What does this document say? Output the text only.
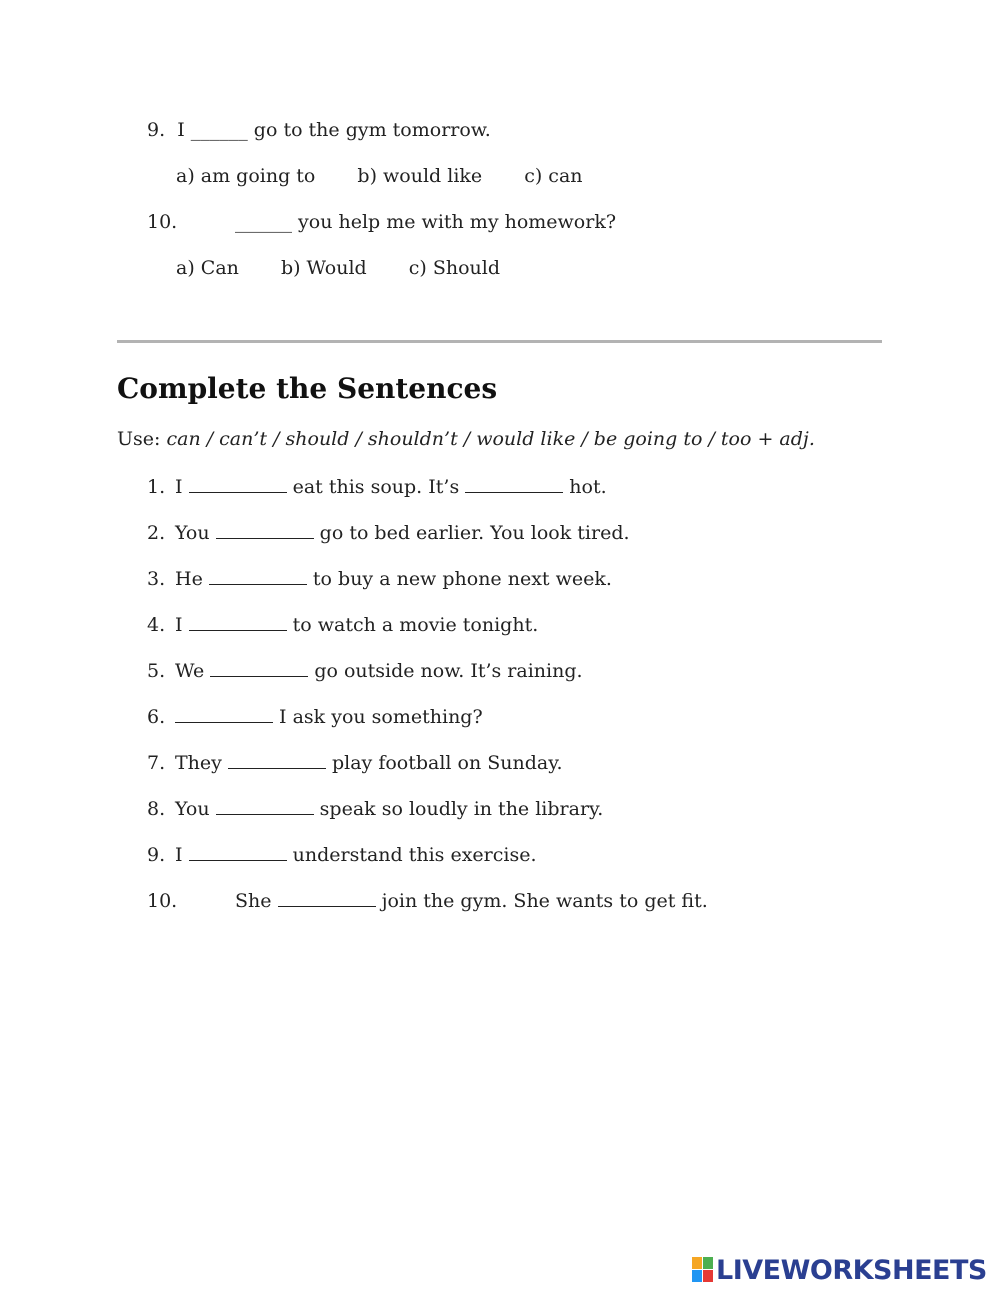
9. I ______ go to the gym tomorrow.
a) am going to b) would like c) can
10.	______ you help me with my homework?
a) Can b) Would c) Should
Complete the Sentences
Use: can / can’t / should / shouldn’t / would like / be going to / too + adj.
1. I	eat this soup. It’s	hot.
2. You	go to bed earlier. You look tired.
3. He	to buy a new phone next week.
4. I	to watch a movie tonight.
5. We	go outside now. It’s raining.
6.	I ask you something?
7. They	play football on Sunday.
8. You	speak so loudly in the library.
9. I	understand this exercise.
10.	She	join the gym. She wants to get fit.
LIVEWORKSHEETS
